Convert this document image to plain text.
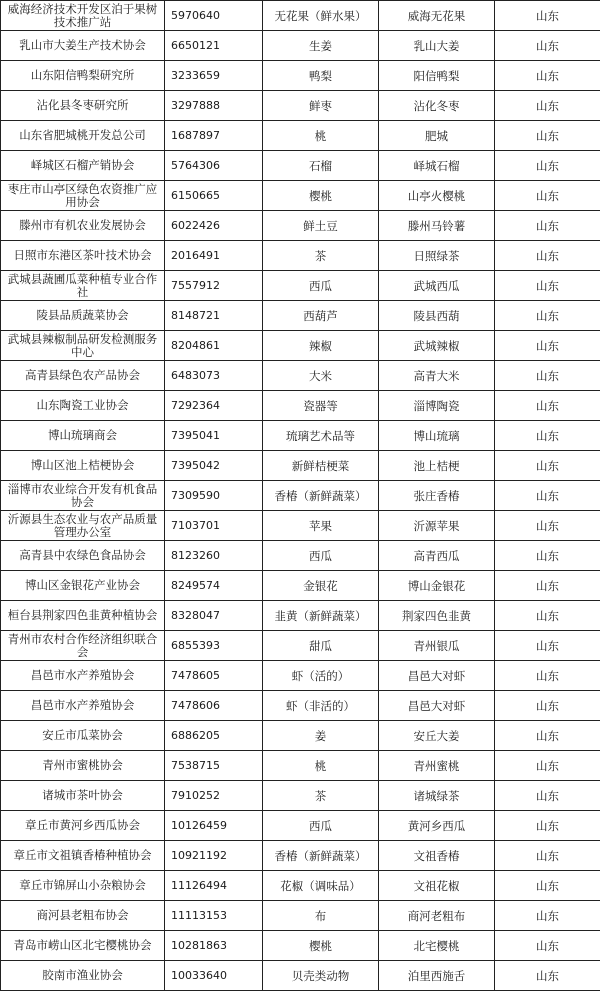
威海经济技术开发区泊于果树技术推广站	5970640	无花果（鲜水果）	威海无花果	山东
乳山市大姜生产技术协会	6650121	生姜	乳山大姜	山东
山东阳信鸭梨研究所	3233659	鸭梨	阳信鸭梨	山东
沾化县冬枣研究所	3297888	鲜枣	沾化冬枣	山东
山东省肥城桃开发总公司	1687897	桃	肥城	山东
峄城区石榴产销协会	5764306	石榴	峄城石榴	山东
枣庄市山亭区绿色农资推广应用协会	6150665	樱桃	山亭火樱桃	山东
滕州市有机农业发展协会	6022426	鲜土豆	滕州马铃薯	山东
日照市东港区茶叶技术协会	2016491	茶	日照绿茶	山东
武城县蔬圃瓜菜种植专业合作社	7557912	西瓜	武城西瓜	山东
陵县品质蔬菜协会	8148721	西葫芦	陵县西葫	山东
武城县辣椒制品研发检测服务中心	8204861	辣椒	武城辣椒	山东
高青县绿色农产品协会	6483073	大米	高青大米	山东
山东陶瓷工业协会	7292364	瓷器等	淄博陶瓷	山东
博山琉璃商会	7395041	琉璃艺术品等	博山琉璃	山东
博山区池上桔梗协会	7395042	新鲜桔梗菜	池上桔梗	山东
淄博市农业综合开发有机食品协会	7309590	香椿（新鲜蔬菜）	张庄香椿	山东
沂源县生态农业与农产品质量管理办公室	7103701	苹果	沂源苹果	山东
高青县中农绿色食品协会	8123260	西瓜	高青西瓜	山东
博山区金银花产业协会	8249574	金银花	博山金银花	山东
桓台县荆家四色韭黄种植协会	8328047	韭黄（新鲜蔬菜）	荆家四色韭黄	山东
青州市农村合作经济组织联合会	6855393	甜瓜	青州银瓜	山东
昌邑市水产养殖协会	7478605	虾（活的）	昌邑大对虾	山东
昌邑市水产养殖协会	7478606	虾（非活的）	昌邑大对虾	山东
安丘市瓜菜协会	6886205	姜	安丘大姜	山东
青州市蜜桃协会	7538715	桃	青州蜜桃	山东
诸城市茶叶协会	7910252	茶	诸城绿茶	山东
章丘市黄河乡西瓜协会	10126459	西瓜	黄河乡西瓜	山东
章丘市文祖镇香椿种植协会	10921192	香椿（新鲜蔬菜）	文祖香椿	山东
章丘市锦屏山小杂粮协会	11126494	花椒（调味品）	文祖花椒	山东
商河县老粗布协会	11113153	布	商河老粗布	山东
青岛市崂山区北宅樱桃协会	10281863	樱桃	北宅樱桃	山东
胶南市渔业协会	10033640	贝壳类动物	泊里西施舌	山东
